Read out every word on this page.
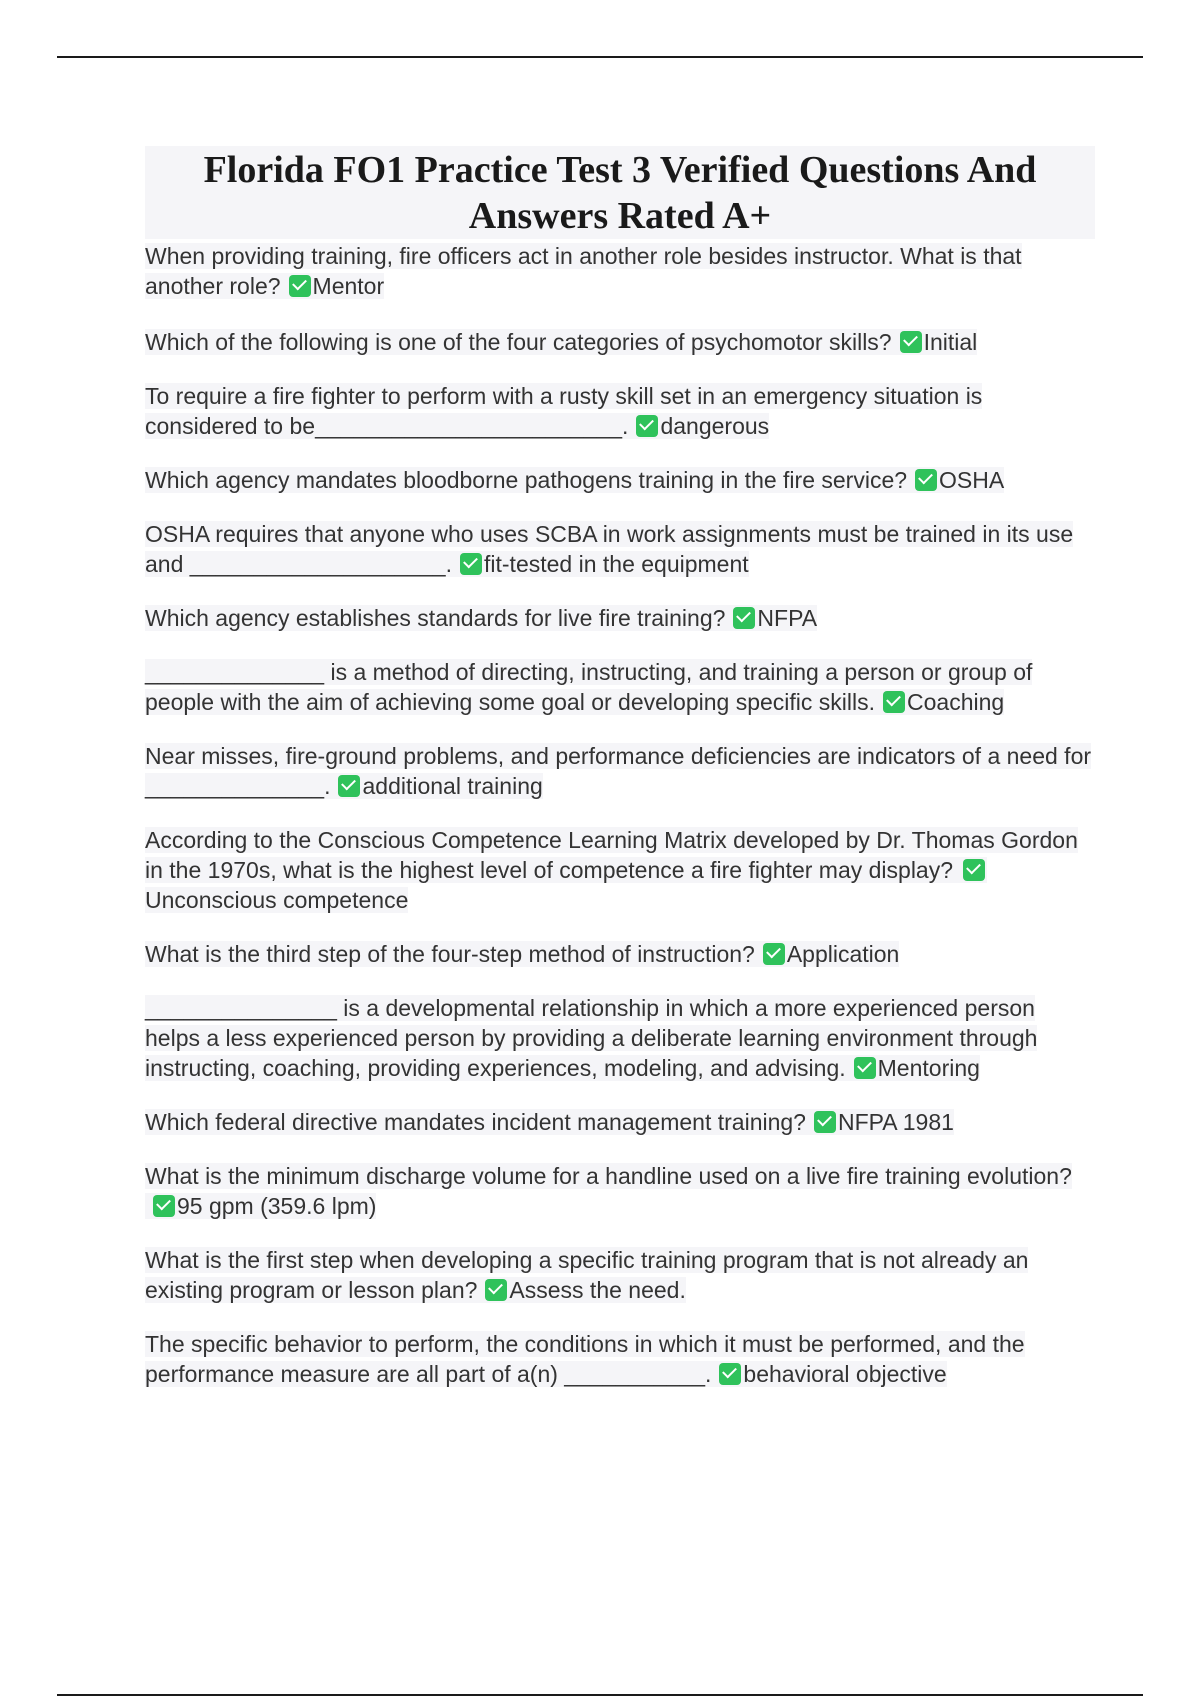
Florida FO1 Practice Test 3 Verified Questions And Answers Rated A+

When providing training, fire officers act in another role besides instructor. What is that another role? Mentor

Which of the following is one of the four categories of psychomotor skills? Initial

To require a fire fighter to perform with a rusty skill set in an emergency situation is considered to be________________________. dangerous

Which agency mandates bloodborne pathogens training in the fire service? OSHA

OSHA requires that anyone who uses SCBA in work assignments must be trained in its use and ____________________. fit-tested in the equipment

Which agency establishes standards for live fire training? NFPA

______________ is a method of directing, instructing, and training a person or group of people with the aim of achieving some goal or developing specific skills. Coaching

Near misses, fire-ground problems, and performance deficiencies are indicators of a need for ______________. additional training

According to the Conscious Competence Learning Matrix developed by Dr. Thomas Gordon in the 1970s, what is the highest level of competence a fire fighter may display? Unconscious competence

What is the third step of the four-step method of instruction? Application

_______________ is a developmental relationship in which a more experienced person helps a less experienced person by providing a deliberate learning environment through instructing, coaching, providing experiences, modeling, and advising. Mentoring

Which federal directive mandates incident management training? NFPA 1981

What is the minimum discharge volume for a handline used on a live fire training evolution?95 gpm (359.6 lpm)

What is the first step when developing a specific training program that is not already an existing program or lesson plan? Assess the need.

The specific behavior to perform, the conditions in which it must be performed, and the performance measure are all part of a(n) ___________. behavioral objective
